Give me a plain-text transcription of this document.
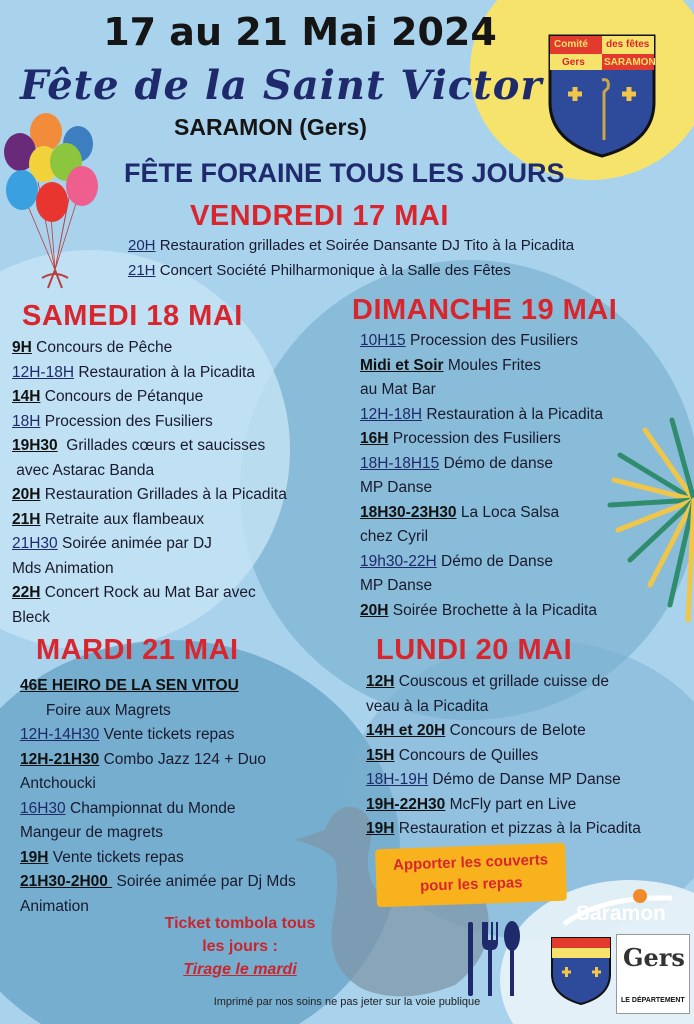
17 au 21 Mai 2024
Fête de la Saint Victor
SARAMON (Gers)
FÊTE FORAINE TOUS LES JOURS
Comité des fêtes
Gers SARAMON
VENDREDI 17 MAI
20H Restauration grillades et Soirée Dansante DJ Tito à la Picadita
21H Concert Société Philharmonique à la Salle des Fêtes
SAMEDI 18 MAI
9H Concours de Pêche
12H-18H Restauration à la Picadita
14H Concours de Pétanque
18H Procession des Fusiliers
19H30  Grillades cœurs et saucisses
avec Astarac Banda
20H Restauration Grillades à la Picadita
21H Retraite aux flambeaux
21H30 Soirée animée par DJ
Mds Animation
22H Concert Rock au Mat Bar avec
Bleck
DIMANCHE 19 MAI
10H15 Procession des Fusiliers
Midi et Soir Moules Frites
au Mat Bar
12H-18H Restauration à la Picadita
16H Procession des Fusiliers
18H-18H15 Démo de danse
MP Danse
18H30-23H30 La Loca Salsa
chez Cyril
19h30-22H Démo de Danse
MP Danse
20H Soirée Brochette à la Picadita
MARDI 21 MAI
46E HEIRO DE LA SEN VITOU
Foire aux Magrets
12H-14H30 Vente tickets repas
12H-21H30 Combo Jazz 124 + Duo
Antchoucki
16H30 Championnat du Monde
Mangeur de magrets
19H Vente tickets repas
21H30-2H00  Soirée animée par Dj Mds
Animation
LUNDI 20 MAI
12H Couscous et grillade cuisse de
veau à la Picadita
14H et 20H Concours de Belote
15H Concours de Quilles
18H-19H Démo de Danse MP Danse
19H-22H30 McFly part en Live
19H Restauration et pizzas à la Picadita
Apporter les couverts
pour les repas
Ticket tombola tous
les jours :
Tirage le mardi
Saramon
Gers
LE DÉPARTEMENT
Imprimé par nos soins ne pas jeter sur la voie publique
